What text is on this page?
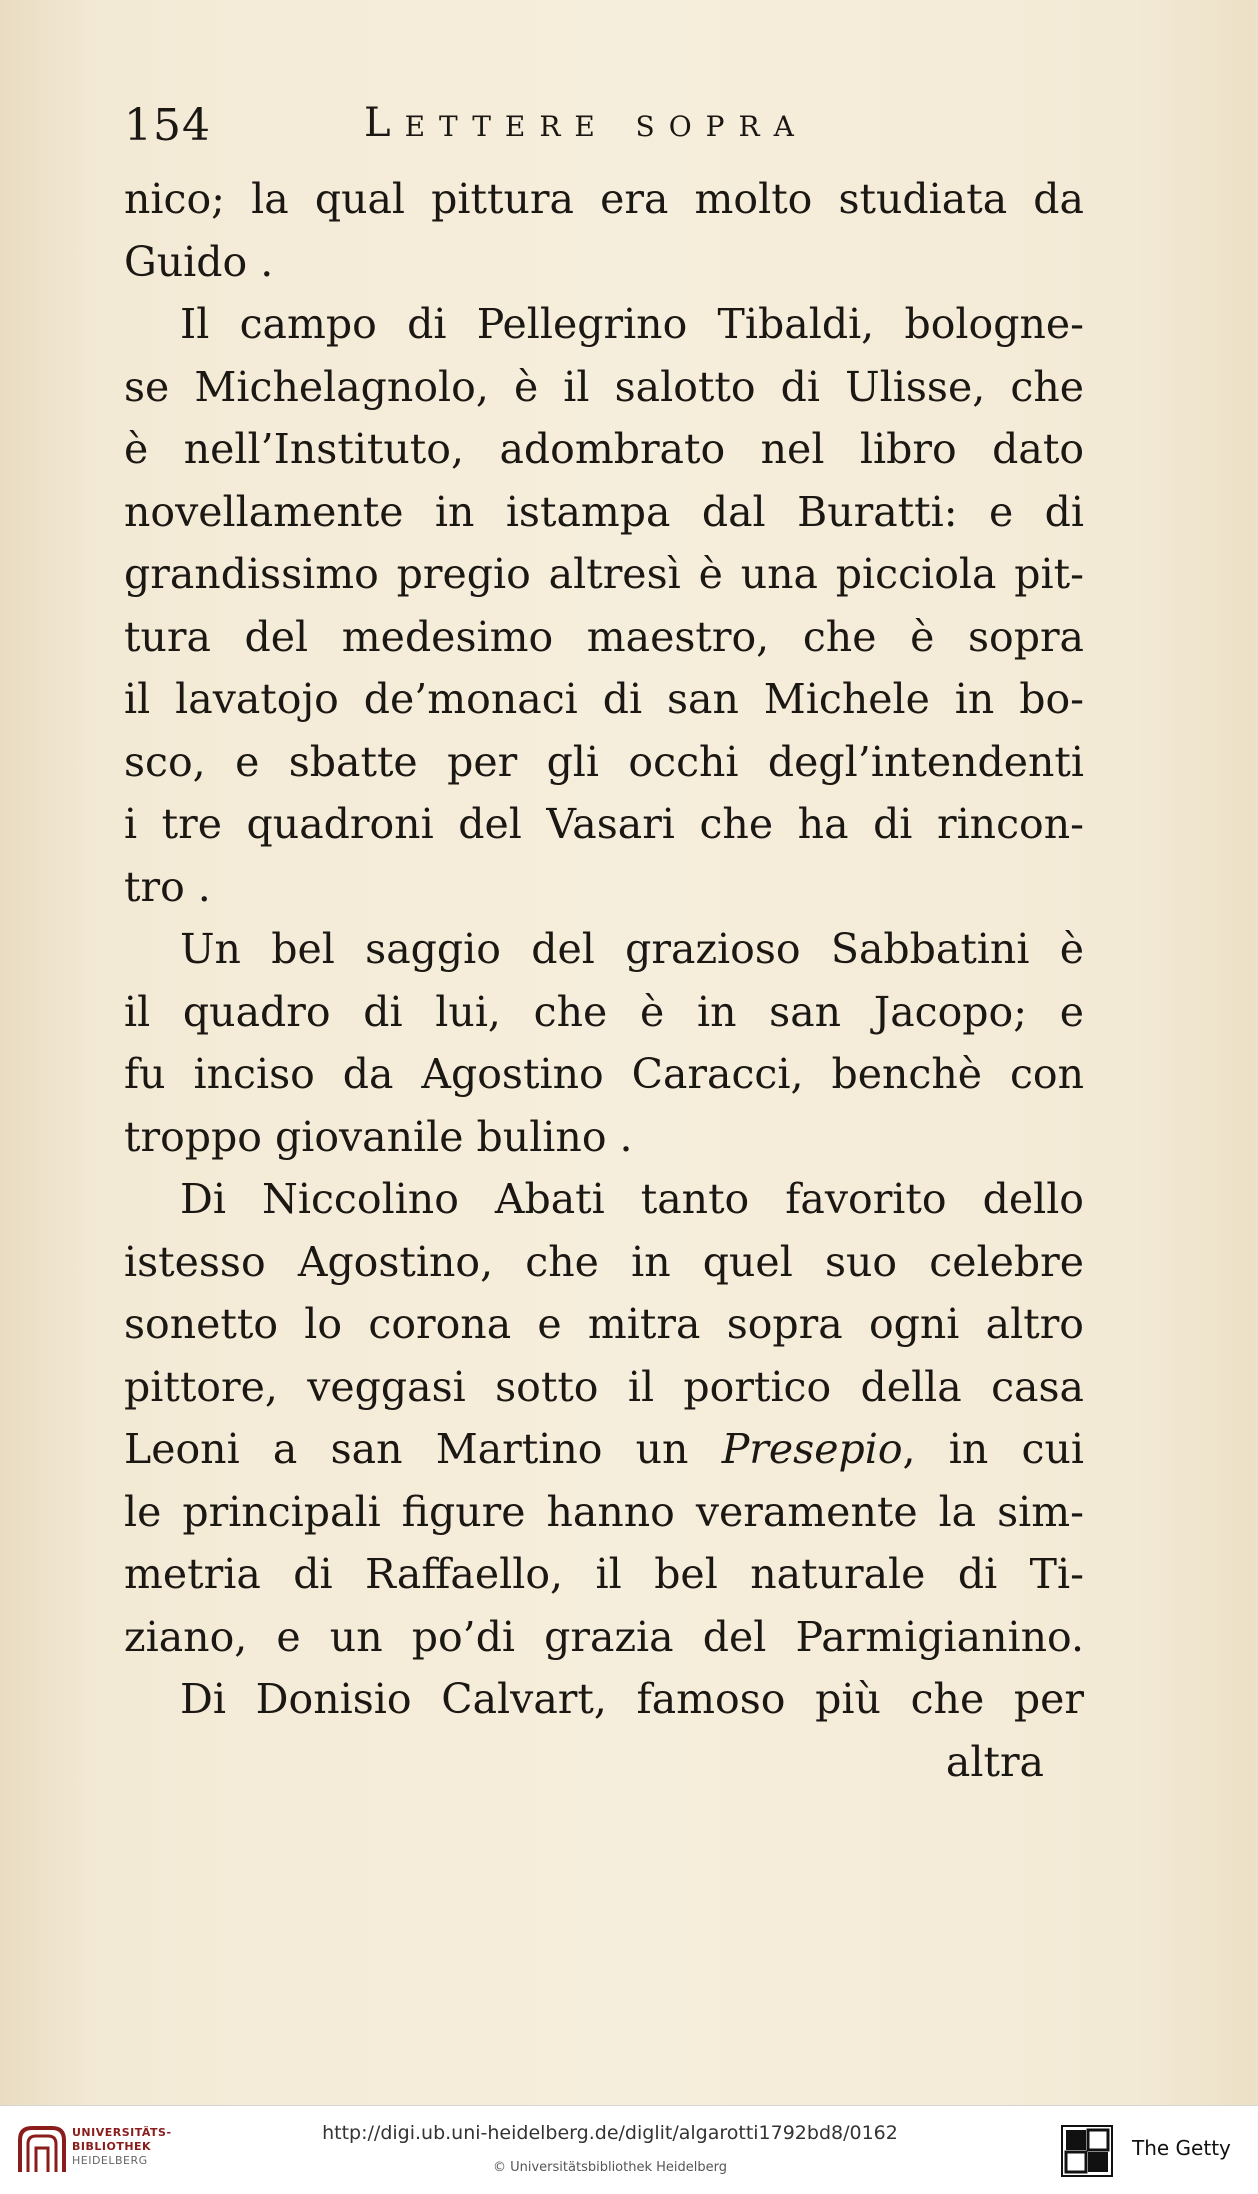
154	Lettere sopra
nico; la qual pittura era molto studiata da
Guido .
Il campo di Pellegrino Tibaldi, bologne-
se Michelagnolo, è il salotto di Ulisse, che
è nell’Instituto, adombrato nel libro dato
novellamente in istampa dal Buratti: e di
grandissimo pregio altresì è una picciola pit-
tura del medesimo maestro, che è sopra
il lavatojo de’monaci di san Michele in bo-
sco, e sbatte per gli occhi degl’intendenti
i tre quadroni del Vasari che ha di rincon-
tro .
Un bel saggio del grazioso Sabbatini è
il quadro di lui, che è in san Jacopo; e
fu inciso da Agostino Caracci, benchè con
troppo giovanile bulino .
Di Niccolino Abati tanto favorito dello
istesso Agostino, che in quel suo celebre
sonetto lo corona e mitra sopra ogni altro
pittore, veggasi sotto il portico della casa
Leoni a san Martino un Presepio, in cui
le principali figure hanno veramente la sim-
metria di Raffaello, il bel naturale di Ti-
ziano, e un po’di grazia del Parmigianino.
Di Donisio Calvart, famoso più che per
altra
UNIVERSITÄTS-
BIBLIOTHEK
HEIDELBERG
http://digi.ub.uni-heidelberg.de/diglit/algarotti1792bd8/0162
© Universitätsbibliothek Heidelberg
The Getty
